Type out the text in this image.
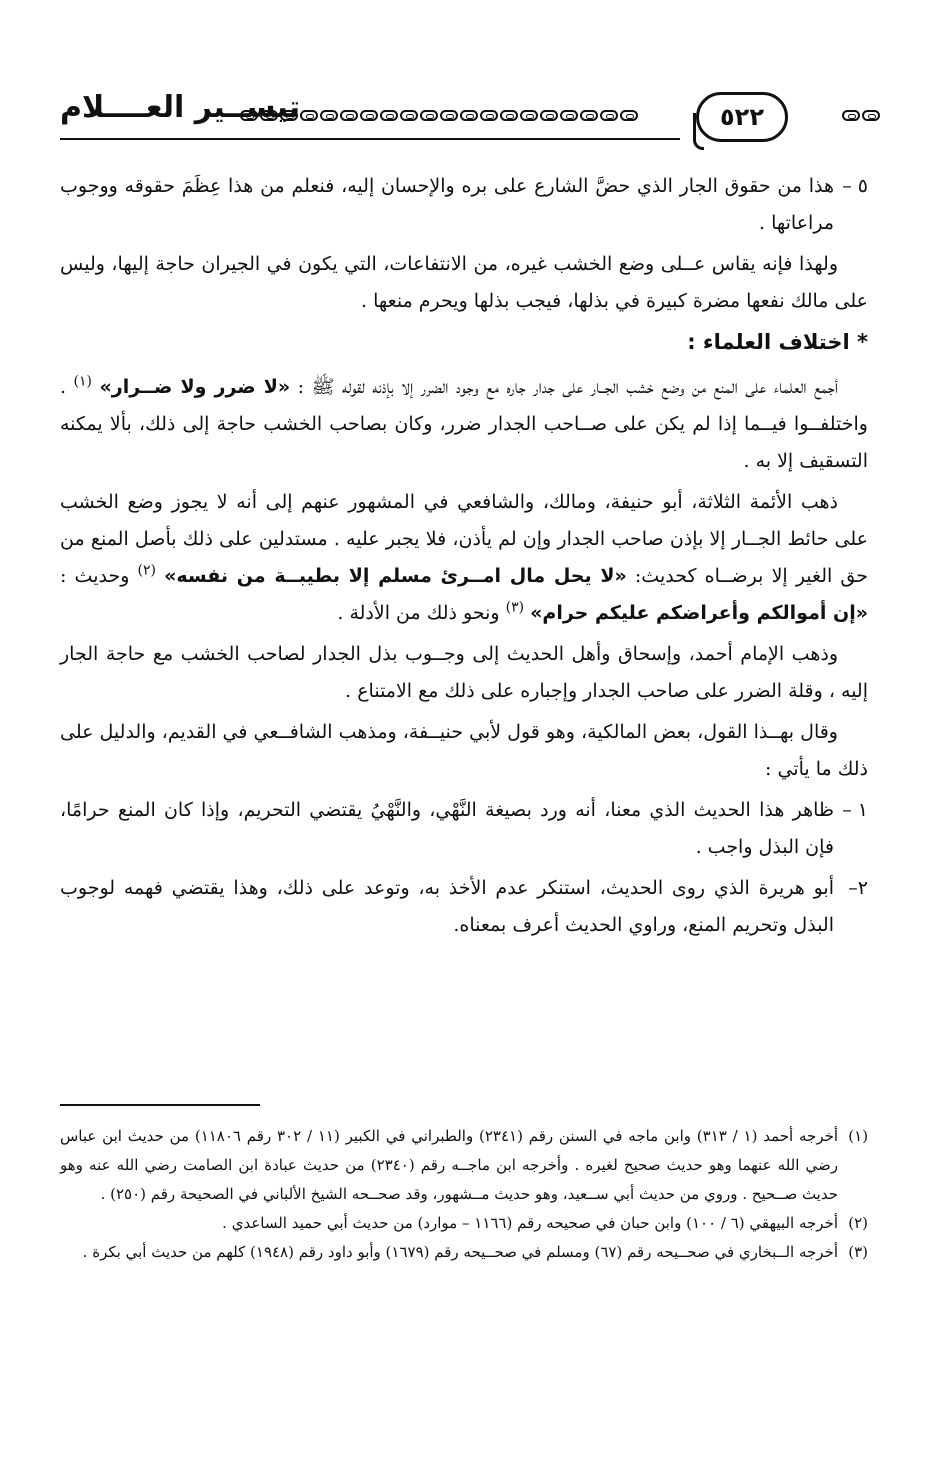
٥٢٢
تيســير العــــلام

٥ –هذا من حقوق الجار الذي حضَّ الشارع على بره والإحسان إليه، فنعلم من هذا عِظَمَ حقوقه ووجوب مراعاتها .

ولهذا فإنه يقاس عــلى وضع الخشب غيره، من الانتفاعات، التي يكون في الجيران حاجة إليها، وليس على مالك نفعها مضرة كبيرة في بذلها، فيجب بذلها ويحرم منعها .

* اختلاف العلماء :

أجمع العلماء على المنع من وضع خشب الجــار على جدار جاره مع وجود الضرر إلا بإذنه لقوله ﷺ : «لا ضرر ولا ضــرار» $^{(١)}$ . واختلفــوا فيــما إذا لم يكن على صــاحب الجدار ضرر، وكان بصاحب الخشب حاجة إلى ذلك، بألا يمكنه التسقيف إلا به .

ذهب الأئمة الثلاثة، أبو حنيفة، ومالك، والشافعي في المشهور عنهم إلى أنه لا يجوز وضع الخشب على حائط الجــار إلا بإذن صاحب الجدار وإن لم يأذن، فلا يجبر عليه . مستدلين على ذلك بأصل المنع من حق الغير إلا برضــاه كحديث: «لا يحل مال امــرئ مسلم إلا بطيبــة من نفسه» $^{(٢)}$ وحديث : «إن أموالكم وأعراضكم عليكم حرام» $^{(٣)}$ ونحو ذلك من الأدلة .

وذهب الإمام أحمد، وإسحاق وأهل الحديث إلى وجــوب بذل الجدار لصاحب الخشب مع حاجة الجار إليه ، وقلة الضرر على صاحب الجدار وإجباره على ذلك مع الامتناع .

وقال بهــذا القول، بعض المالكية، وهو قول لأبي حنيــفة، ومذهب الشافــعي في القديم، والدليل على ذلك ما يأتي :

١ –ظاهر هذا الحديث الذي معنا، أنه ورد بصيغة النَّهْي، والنَّهْيُ يقتضي التحريم، وإذا كان المنع حرامًا، فإن البذل واجب .

٢–أبو هريرة الذي روى الحديث، استنكر عدم الأخذ به، وتوعد على ذلك، وهذا يقتضي فهمه لوجوب البذل وتحريم المنع، وراوي الحديث أعرف بمعناه.

(١)أخرجه أحمد (١ / ٣١٣) وابن ماجه في السنن رقم (٢٣٤١) والطبراني في الكبير (١١ / ٣٠٢ رقم ١١٨٠٦) من حديث ابن عباس رضي الله عنهما وهو حديث صحيح لغيره . وأخرجه ابن ماجــه رقم (٢٣٤٠) من حديث عبادة ابن الصامت رضي الله عنه وهو حديث صــحيح . وروي من حديث أبي ســعيد، وهو حديث مــشهور، وقد صحــحه الشيخ الألباني في الصحيحة رقم (٢٥٠) .

(٢)أخرجه البيهقي (٦ / ١٠٠) وابن حبان في صحيحه رقم (١١٦٦ – موارد) من حديث أبي حميد الساعدي .

(٣)أخرجه الــبخاري في صحــيحه رقم (٦٧) ومسلم في صحــيحه رقم (١٦٧٩) وأبو داود رقم (١٩٤٨) كلهم من حديث أبي بكرة .
